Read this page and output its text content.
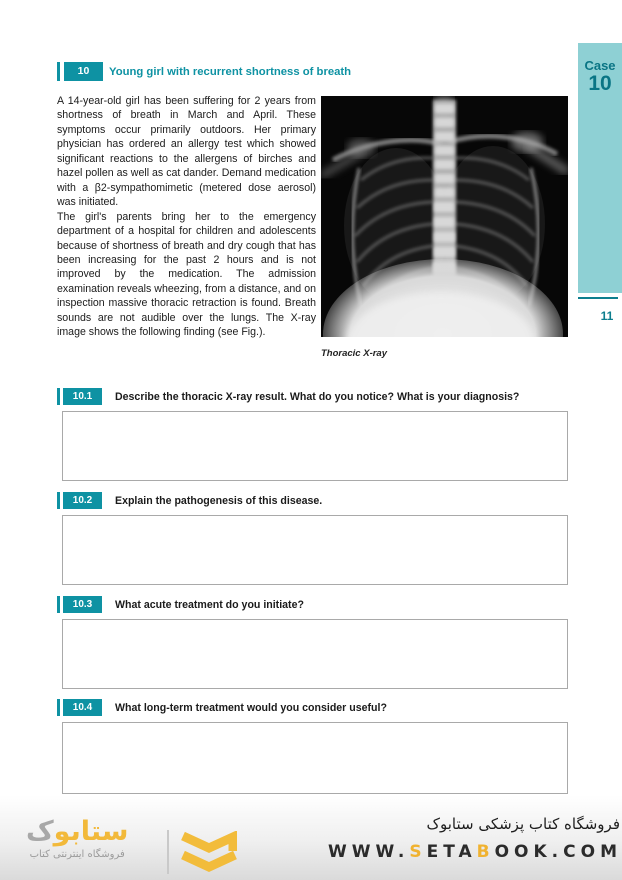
Case
10
11
10	Young girl with recurrent shortness of breath

A 14-year-old girl has been suffering for 2 years from shortness of breath in March and April. These symptoms occur primarily outdoors. Her primary physician has ordered an allergy test which showed significant reactions to the allergens of birches and hazel pollen as well as cat dander. Demand medication with a β2-sympathomimetic (metered dose aerosol) was initiated.

The girl's parents bring her to the emergency department of a hospital for children and adolescents because of shortness of breath and dry cough that has been increasing for the past 2 hours and is not improved by the medication. The admission examination reveals wheezing, from a distance, and on inspection massive thoracic retraction is found. Breath sounds are not audible over the lungs. The X-ray image shows the following finding (see Fig.).

Thoracic X-ray
10.1	Describe the thoracic X-ray result. What do you notice? What is your diagnosis?
10.2	Explain the pathogenesis of this disease.
10.3	What acute treatment do you initiate?
10.4	What long-term treatment would you consider useful?
ستابوک
فروشگاه اینترنتی کتاب
فروشگاه کتاب پزشکی ستابوک
WWW.SETABOOK.COM
